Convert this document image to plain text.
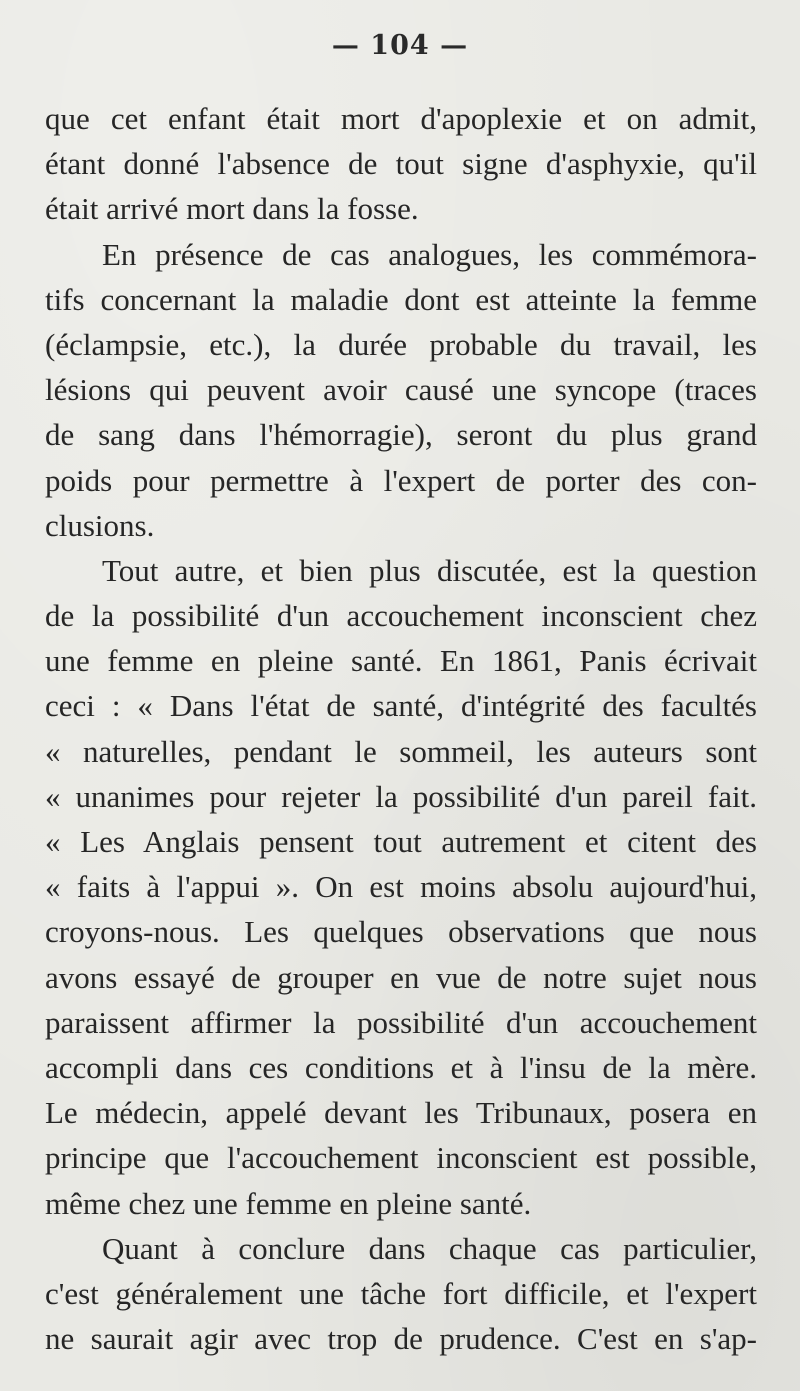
— 104 —
que cet enfant était mort d'apoplexie et on admit,
étant donné l'absence de tout signe d'asphyxie, qu'il
était arrivé mort dans la fosse.
En présence de cas analogues, les commémora-
tifs concernant la maladie dont est atteinte la femme
(éclampsie, etc.), la durée probable du travail, les
lésions qui peuvent avoir causé une syncope (traces
de sang dans l'hémorragie), seront du plus grand
poids pour permettre à l'expert de porter des con-
clusions.
Tout autre, et bien plus discutée, est la question
de la possibilité d'un accouchement inconscient chez
une femme en pleine santé. En 1861, Panis écrivait
ceci : « Dans l'état de santé, d'intégrité des facultés
« naturelles, pendant le sommeil, les auteurs sont
« unanimes pour rejeter la possibilité d'un pareil fait.
« Les Anglais pensent tout autrement et citent des
« faits à l'appui ». On est moins absolu aujourd'hui,
croyons-nous. Les quelques observations que nous
avons essayé de grouper en vue de notre sujet nous
paraissent affirmer la possibilité d'un accouchement
accompli dans ces conditions et à l'insu de la mère.
Le médecin, appelé devant les Tribunaux, posera en
principe que l'accouchement inconscient est possible,
même chez une femme en pleine santé.
Quant à conclure dans chaque cas particulier,
c'est généralement une tâche fort difficile, et l'expert
ne saurait agir avec trop de prudence. C'est en s'ap-
